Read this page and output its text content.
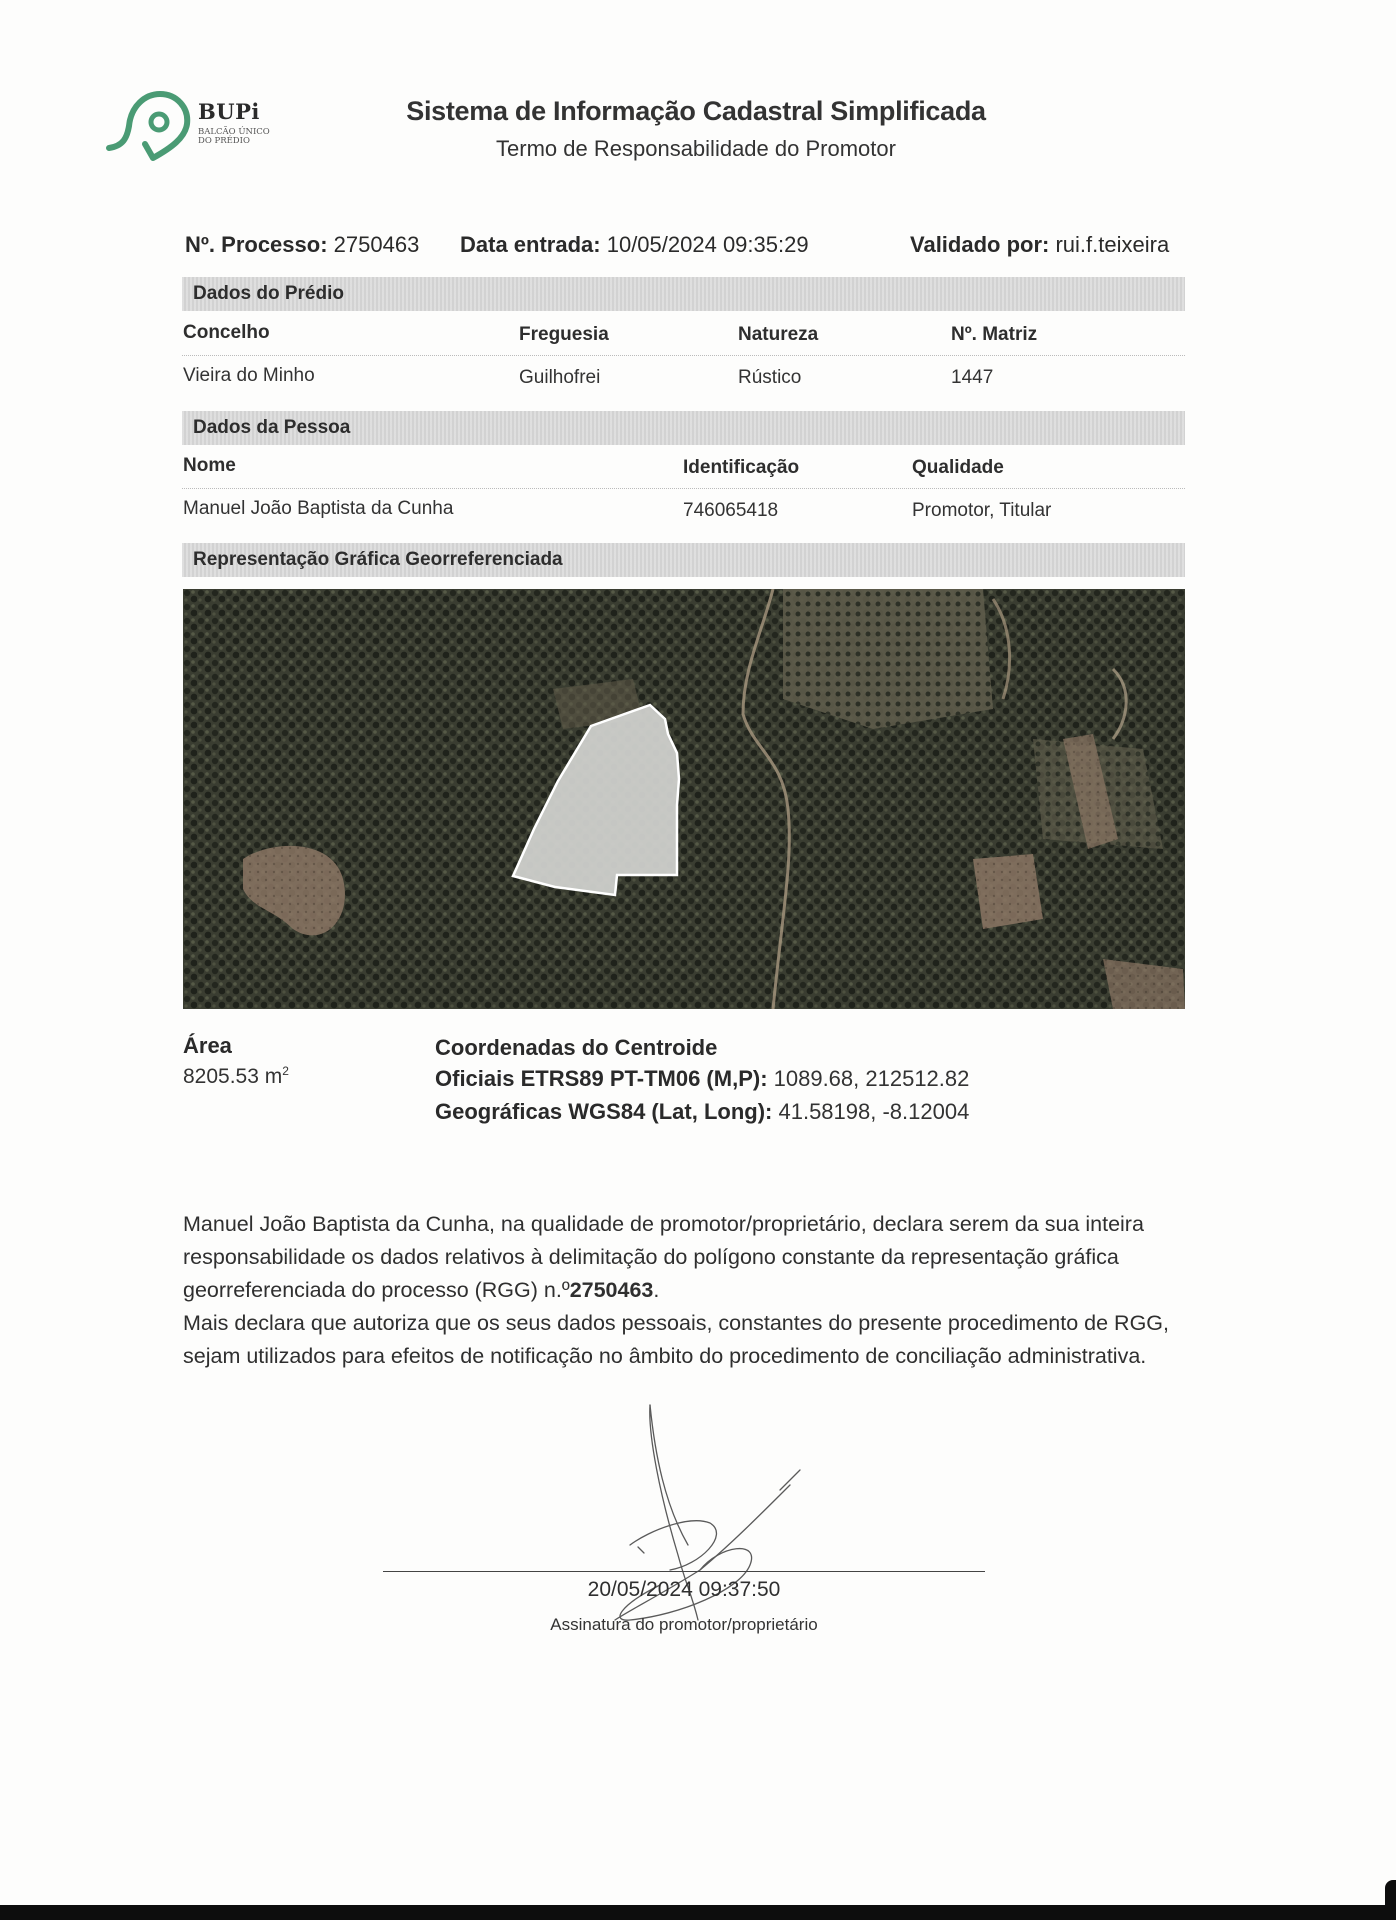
BUPi
BALCÃO ÚNICO
DO PRÉDIO
Sistema de Informação Cadastral Simplificada
Termo de Responsabilidade do Promotor
Nº. Processo: 2750463 Data entrada: 10/05/2024 09:35:29	Validado por: rui.f.teixeira
Dados do Prédio
Concelho	Freguesia	Natureza	Nº. Matriz
Vieira do Minho	Guilhofrei	Rústico	1447
Dados da Pessoa
Nome	Identificação	Qualidade
Manuel João Baptista da Cunha	746065418	Promotor, Titular
Representação Gráfica Georreferenciada
Área
8205.53 $m^2$
Coordenadas do Centroide
Oficiais ETRS89 PT-TM06 (M,P): 1089.68, 212512.82
Geográficas WGS84 (Lat, Long): 41.58198, -8.12004

Manuel João Baptista da Cunha, na qualidade de promotor/proprietário, declara serem da sua inteira responsabilidade os dados relativos à delimitação do polígono constante da representação gráfica georreferenciada do processo (RGG) n.º2750463.

Mais declara que autoriza que os seus dados pessoais, constantes do presente procedimento de RGG, sejam utilizados para efeitos de notificação no âmbito do procedimento de conciliação administrativa.

20/05/2024 09:37:50
Assinatura do promotor/proprietário
